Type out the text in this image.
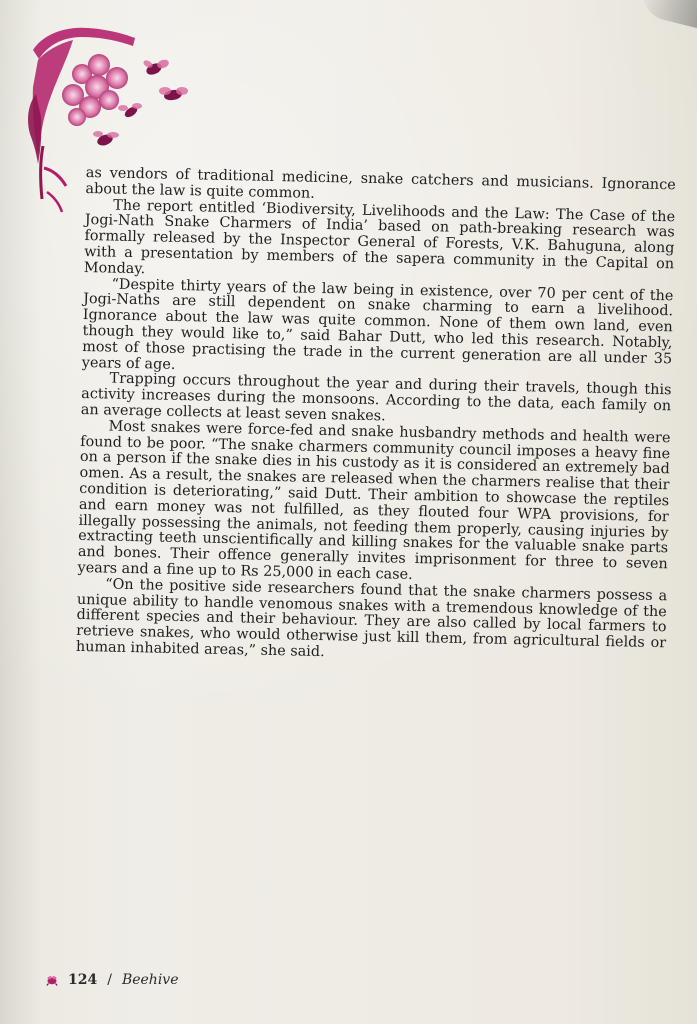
as vendors of traditional medicine, snake catchers and musicians. Ignorance about the law is quite common.

The report entitled ‘Biodiversity, Livelihoods and the Law: The Case of the Jogi-Nath Snake Charmers of India’ based on path-breaking research was formally released by the Inspector General of Forests, V.K. Bahuguna, along with a presentation by members of the sapera community in the Capital on Monday.

“Despite thirty years of the law being in existence, over 70 per cent of the Jogi-Naths are still dependent on snake charming to earn a livelihood. Ignorance about the law was quite common. None of them own land, even though they would like to,” said Bahar Dutt, who led this research. Notably, most of those practising the trade in the current generation are all under 35 years of age.

Trapping occurs throughout the year and during their travels, though this activity increases during the monsoons. According to the data, each family on an average collects at least seven snakes.

Most snakes were force-fed and snake husbandry methods and health were found to be poor. “The snake charmers community council imposes a heavy fine on a person if the snake dies in his custody as it is considered an extremely bad omen. As a result, the snakes are released when the charmers realise that their condition is deteriorating,” said Dutt. Their ambition to showcase the reptiles and earn money was not fulfilled, as they flouted four WPA provisions, for illegally possessing the animals, not feeding them properly, causing injuries by extracting teeth unscientifically and killing snakes for the valuable snake parts and bones. Their offence generally invites imprisonment for three to seven years and a fine up to Rs 25,000 in each case.

“On the positive side researchers found that the snake charmers possess a unique ability to handle venomous snakes with a tremendous knowledge of the different species and their behaviour. They are also called by local farmers to retrieve snakes, who would otherwise just kill them, from agricultural fields or human inhabited areas,” she said.

124 / Beehive
